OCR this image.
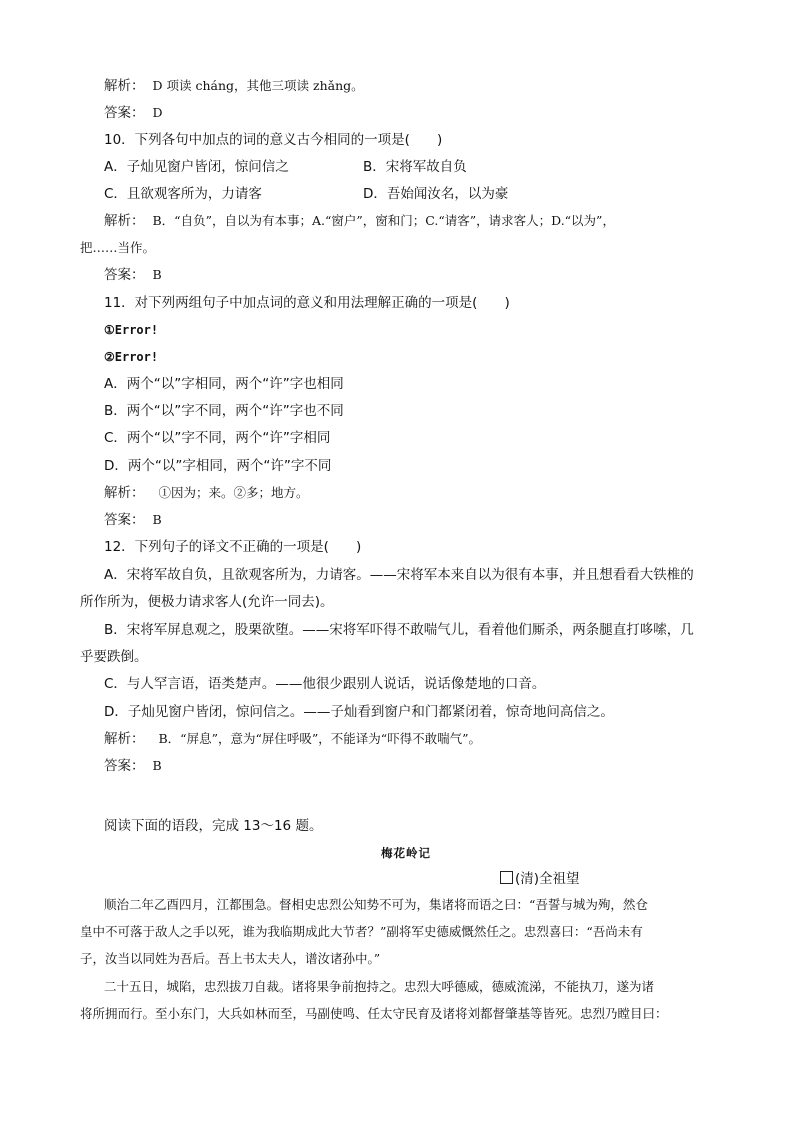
解析： D 项读 cháng，其他三项读 zhǎng。
答案： D
10．下列各句中加点的词的意义古今相同的一项是(　　)
A．子灿见窗户皆闭，惊问信之	B．宋将军故自负
C．且欲观客所为，力请客	D．吾始闻汝名，以为豪
解析： B．“自负”，自以为有本事；A.“窗户”，窗和门；C.“请客”，请求客人；D.“以为”，
把……当作。
答案： B
11．对下列两组句子中加点词的意义和用法理解正确的一项是(　　)
①Error!
②Error!
A．两个“以”字相同，两个“许”字也相同
B．两个“以”字不同，两个“许”字也不同
C．两个“以”字不同，两个“许”字相同
D．两个“以”字相同，两个“许”字不同
解析： ①因为；来。②多；地方。
答案： B
12．下列句子的译文不正确的一项是(　　)
A．宋将军故自负，且欲观客所为，力请客。——宋将军本来自以为很有本事，并且想看看大铁椎的
所作所为，便极力请求客人(允许一同去)。
B．宋将军屏息观之，股栗欲堕。——宋将军吓得不敢喘气儿，看着他们厮杀，两条腿直打哆嗦，几
乎要跌倒。
C．与人罕言语，语类楚声。——他很少跟别人说话，说话像楚地的口音。
D．子灿见窗户皆闭，惊问信之。——子灿看到窗户和门都紧闭着，惊奇地问高信之。
解析： B．“屏息”，意为“屏住呼吸”，不能译为“吓得不敢喘气”。
答案： B
阅读下面的语段，完成 13～16 题。
梅花岭记
(清)全祖望
顺治二年乙酉四月，江都围急。督相史忠烈公知势不可为，集诸将而语之曰：“吾誓与城为殉，然仓
皇中不可落于敌人之手以死，谁为我临期成此大节者？”副将军史德威慨然任之。忠烈喜曰：“吾尚未有
子，汝当以同姓为吾后。吾上书太夫人，谱汝诸孙中。”
二十五日，城陷，忠烈拔刀自裁。诸将果争前抱持之。忠烈大呼德威，德威流涕，不能执刀，遂为诸
将所拥而行。至小东门，大兵如林而至，马副使鸣、任太守民育及诸将刘都督肇基等皆死。忠烈乃瞠目曰：
